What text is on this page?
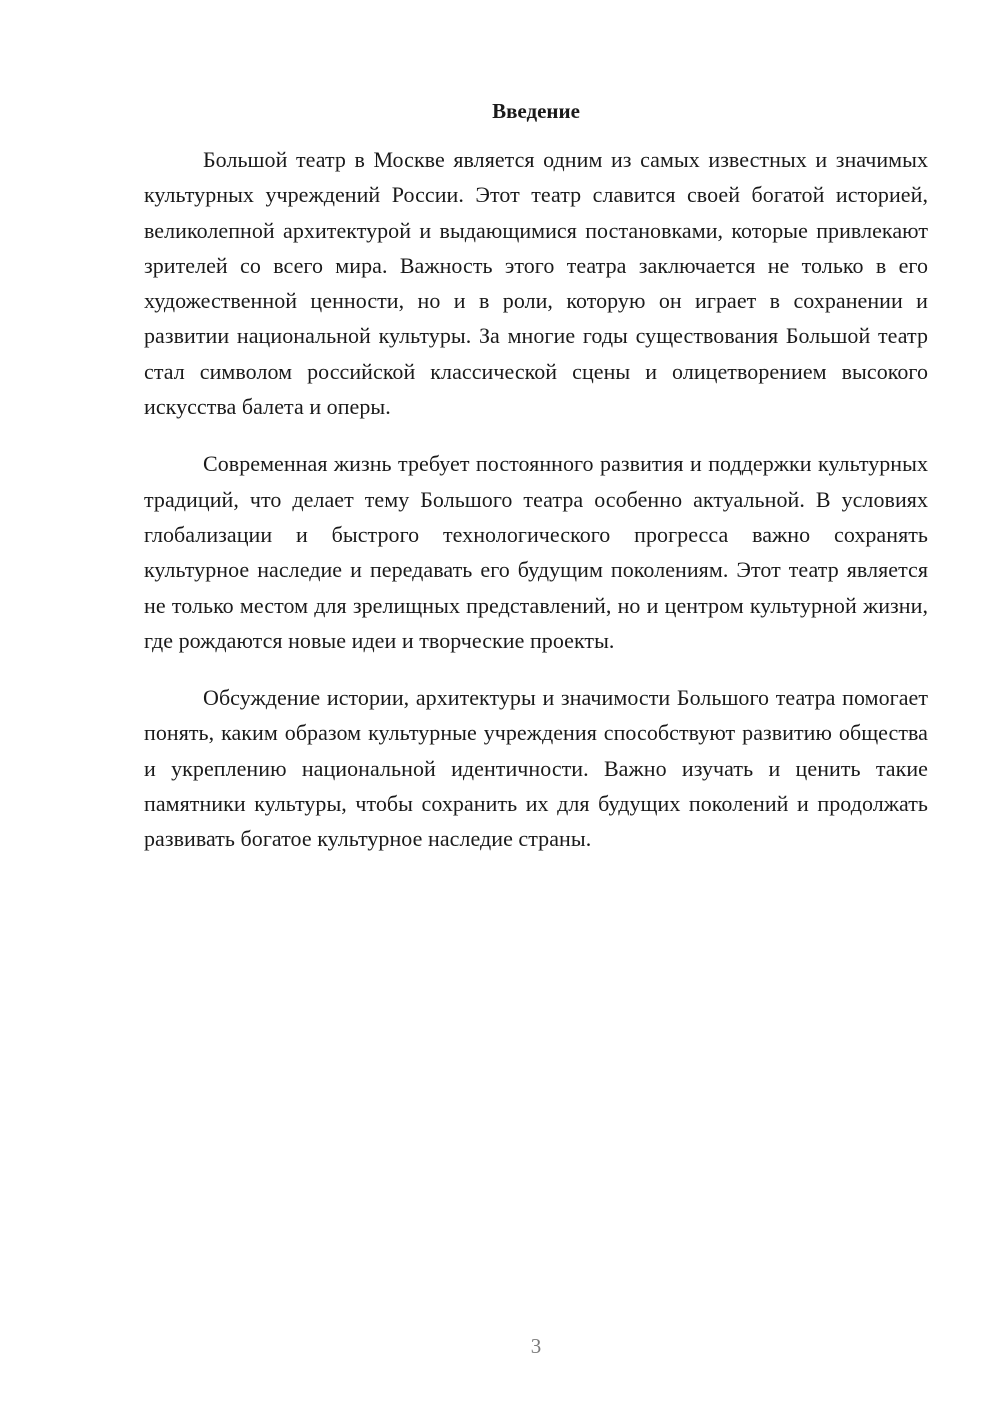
Введение

Большой театр в Москве является одним из самых известных и значимых культурных учреждений России. Этот театр славится своей богатой историей, великолепной архитектурой и выдающимися постановками, которые привлекают зрителей со всего мира. Важность этого театра заключается не только в его художественной ценности, но и в роли, которую он играет в сохранении и развитии национальной культуры. За многие годы существования Большой театр стал символом российской классической сцены и олицетворением высокого искусства балета и оперы.

Современная жизнь требует постоянного развития и поддержки культурных традиций, что делает тему Большого театра особенно актуальной. В условиях глобализации и быстрого технологического прогресса важно сохранять культурное наследие и передавать его будущим поколениям. Этот театр является не только местом для зрелищных представлений, но и центром культурной жизни, где рождаются новые идеи и творческие проекты.

Обсуждение истории, архитектуры и значимости Большого театра помогает понять, каким образом культурные учреждения способствуют развитию общества и укреплению национальной идентичности. Важно изучать и ценить такие памятники культуры, чтобы сохранить их для будущих поколений и продолжать развивать богатое культурное наследие страны.

3
